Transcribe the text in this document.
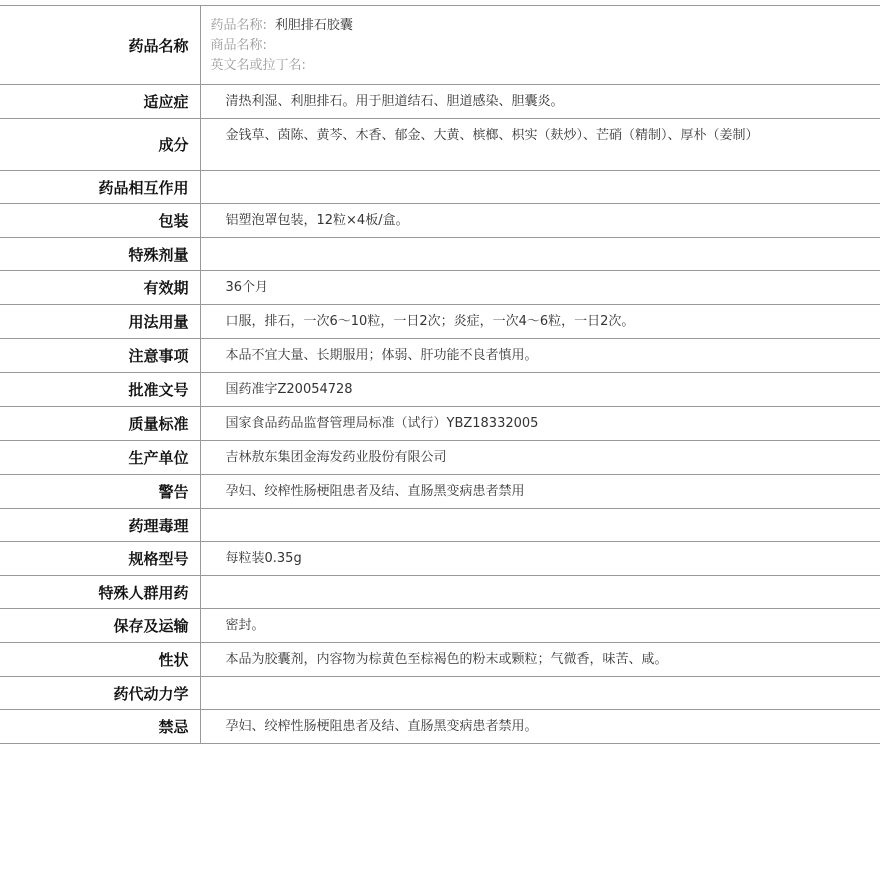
药品名称	药品名称: 利胆排石胶囊
商品名称:
英文名或拉丁名:

适应症	清热利湿、利胆排石。用于胆道结石、胆道感染、胆囊炎。
成分	金钱草、茵陈、黄芩、木香、郁金、大黄、槟榔、枳实（麸炒）、芒硝（精制）、厚朴（姜制）
药品相互作用	
包装	铝塑泡罩包装，12粒×4板/盒。
特殊剂量	
有效期	36个月
用法用量	口服，排石，一次6～10粒，一日2次；炎症，一次4～6粒，一日2次。
注意事项	本品不宜大量、长期服用；体弱、肝功能不良者慎用。
批准文号	国药准字Z20054728
质量标准	国家食品药品监督管理局标准（试行）YBZ18332005
生产单位	吉林敖东集团金海发药业股份有限公司
警告	孕妇、绞榨性肠梗阻患者及结、直肠黑变病患者禁用
药理毒理	
规格型号	每粒装0.35g
特殊人群用药	
保存及运输	密封。
性状	本品为胶囊剂，内容物为棕黄色至棕褐色的粉末或颗粒；气微香，味苦、咸。
药代动力学	
禁忌	孕妇、绞榨性肠梗阻患者及结、直肠黑变病患者禁用。
